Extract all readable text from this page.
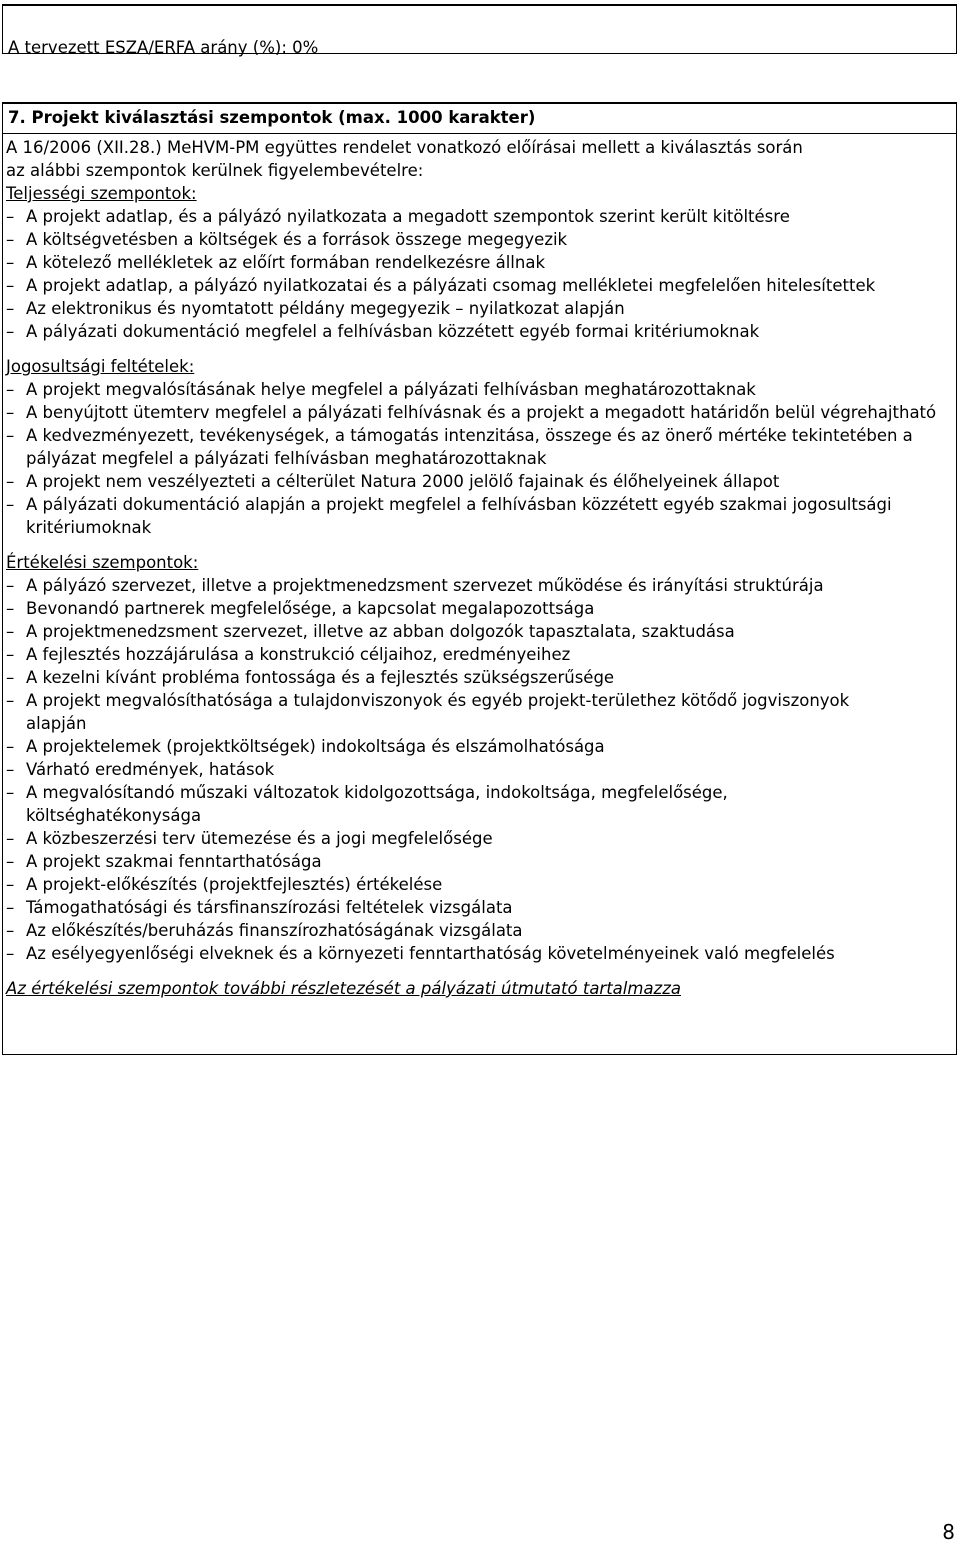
A tervezett ESZA/ERFA arány (%): 0%
7. Projekt kiválasztási szempontok (max. 1000 karakter)

A 16/2006 (XII.28.) MeHVM-PM együttes rendelet vonatkozó előírásai mellett a kiválasztás során

az alábbi szempontok kerülnek figyelembevételre:

Teljességi szempontok:

– A projekt adatlap, és a pályázó nyilatkozata a megadott szempontok szerint került kitöltésre

– A költségvetésben a költségek és a források összege megegyezik

– A kötelező mellékletek az előírt formában rendelkezésre állnak

– A projekt adatlap, a pályázó nyilatkozatai és a pályázati csomag mellékletei megfelelően hitelesítettek

– Az elektronikus és nyomtatott példány megegyezik – nyilatkozat alapján

– A pályázati dokumentáció megfelel a felhívásban közzétett egyéb formai kritériumoknak

Jogosultsági feltételek:

– A projekt megvalósításának helye megfelel a pályázati felhívásban meghatározottaknak

– A benyújtott ütemterv megfelel a pályázati felhívásnak és a projekt a megadott határidőn belül végrehajtható

– A kedvezményezett, tevékenységek, a támogatás intenzitása, összege és az önerő mértéke tekintetében a pályázat megfelel a pályázati felhívásban meghatározottaknak

– A projekt nem veszélyezteti a célterület Natura 2000 jelölő fajainak és élőhelyeinek állapot

– A pályázati dokumentáció alapján a projekt megfelel a felhívásban közzétett egyéb szakmai jogosultsági kritériumoknak

Értékelési szempontok:

– A pályázó szervezet, illetve a projektmenedzsment szervezet működése és irányítási struktúrája

– Bevonandó partnerek megfelelősége, a kapcsolat megalapozottsága

– A projektmenedzsment szervezet, illetve az abban dolgozók tapasztalata, szaktudása

– A fejlesztés hozzájárulása a konstrukció céljaihoz, eredményeihez

– A kezelni kívánt probléma fontossága és a fejlesztés szükségszerűsége

– A projekt megvalósíthatósága a tulajdonviszonyok és egyéb projekt-területhez kötődő jogviszonyok alapján

– A projektelemek (projektköltségek) indokoltsága és elszámolhatósága

– Várható eredmények, hatások

– A megvalósítandó műszaki változatok kidolgozottsága, indokoltsága, megfelelősége, költséghatékonysága

– A közbeszerzési terv ütemezése és a jogi megfelelősége

– A projekt szakmai fenntarthatósága

– A projekt-előkészítés (projektfejlesztés) értékelése

– Támogathatósági és társfinanszírozási feltételek vizsgálata

– Az előkészítés/beruházás finanszírozhatóságának vizsgálata

– Az esélyegyenlőségi elveknek és a környezeti fenntarthatóság követelményeinek való megfelelés

Az értékelési szempontok további részletezését a pályázati útmutató tartalmazza

8
